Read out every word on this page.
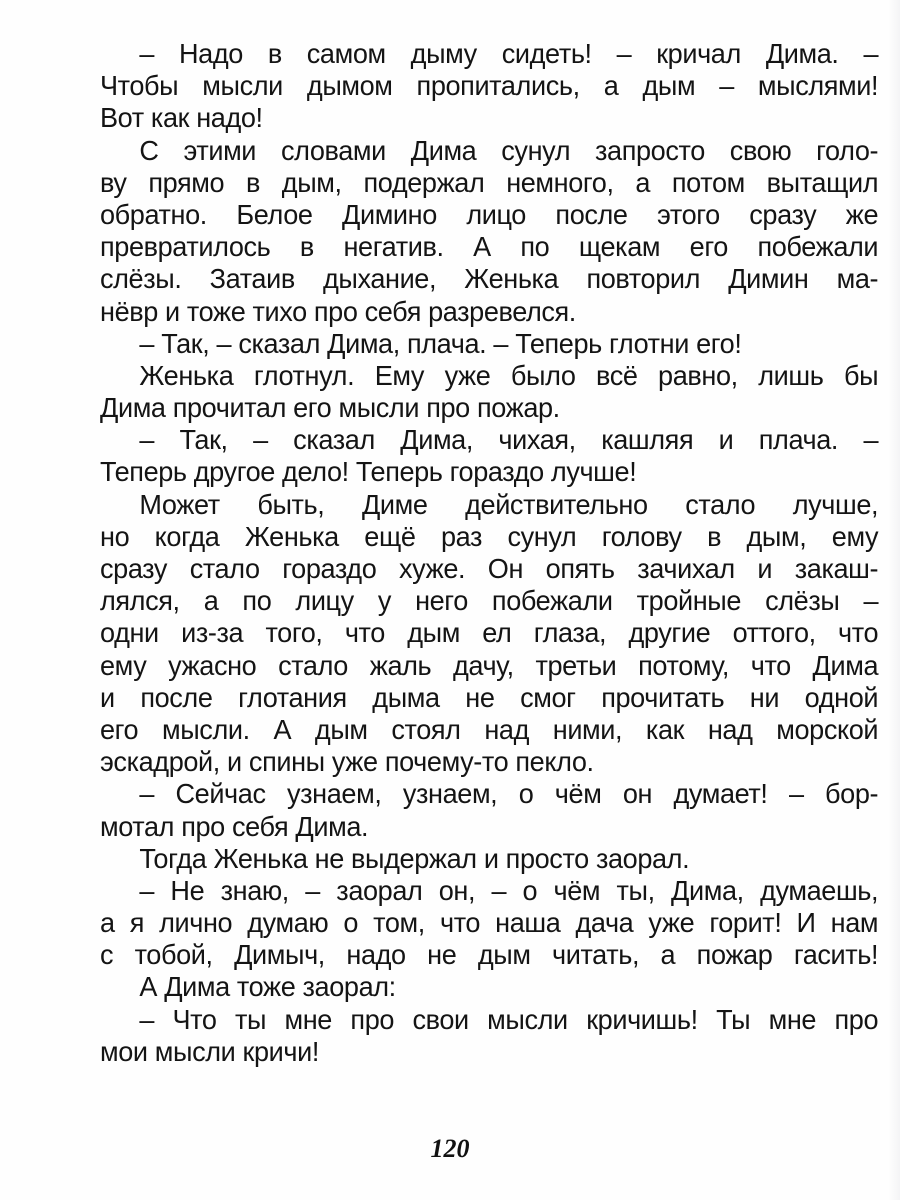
– Надо в самом дыму сидеть! – кричал Дима. –
Чтобы мысли дымом пропитались, а дым – мыслями!
Вот как надо!
С этими словами Дима сунул запросто свою голо-
ву прямо в дым, подержал немного, а потом вытащил
обратно. Белое Димино лицо после этого сразу же
превратилось в негатив. А по щекам его побежали
слёзы. Затаив дыхание, Женька повторил Димин ма-
нёвр и тоже тихо про себя разревелся.
– Так, – сказал Дима, плача. – Теперь глотни его!
Женька глотнул. Ему уже было всё равно, лишь бы
Дима прочитал его мысли про пожар.
– Так, – сказал Дима, чихая, кашляя и плача. –
Теперь другое дело! Теперь гораздо лучше!
Может быть, Диме действительно стало лучше,
но когда Женька ещё раз сунул голову в дым, ему
сразу стало гораздо хуже. Он опять зачихал и закаш-
лялся, а по лицу у него побежали тройные слёзы –
одни из-за того, что дым ел глаза, другие оттого, что
ему ужасно стало жаль дачу, третьи потому, что Дима
и после глотания дыма не смог прочитать ни одной
его мысли. А дым стоял над ними, как над морской
эскадрой, и спины уже почему-то пекло.
– Сейчас узнаем, узнаем, о чём он думает! – бор-
мотал про себя Дима.
Тогда Женька не выдержал и просто заорал.
– Не знаю, – заорал он, – о чём ты, Дима, думаешь,
а я лично думаю о том, что наша дача уже горит! И нам
с тобой, Димыч, надо не дым читать, а пожар гасить!
А Дима тоже заорал:
– Что ты мне про свои мысли кричишь! Ты мне про
мои мысли кричи!
120
